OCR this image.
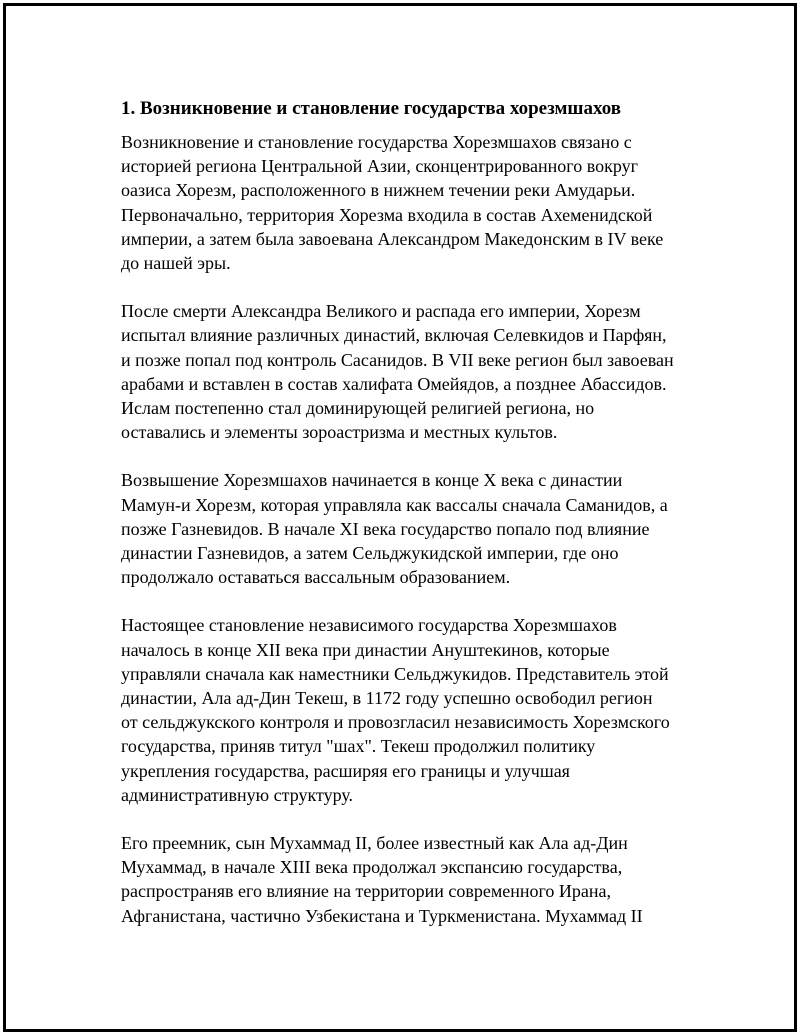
1. Возникновение и становление государства хорезмшахов

Возникновение и становление государства Хорезмшахов связано с
историей региона Центральной Азии, сконцентрированного вокруг
оазиса Хорезм, расположенного в нижнем течении реки Амударьи.
Первоначально, территория Хорезма входила в состав Ахеменидской
империи, а затем была завоевана Александром Македонским в IV веке
до нашей эры.

После смерти Александра Великого и распада его империи, Хорезм
испытал влияние различных династий, включая Селевкидов и Парфян,
и позже попал под контроль Сасанидов. В VII веке регион был завоеван
арабами и вставлен в состав халифата Омейядов, а позднее Абассидов.
Ислам постепенно стал доминирующей религией региона, но
оставались и элементы зороастризма и местных культов.

Возвышение Хорезмшахов начинается в конце X века с династии
Мамун-и Хорезм, которая управляла как вассалы сначала Саманидов, а
позже Газневидов. В начале XI века государство попало под влияние
династии Газневидов, а затем Сельджукидской империи, где оно
продолжало оставаться вассальным образованием.

Настоящее становление независимого государства Хорезмшахов
началось в конце XII века при династии Ануштекинов, которые
управляли сначала как наместники Сельджукидов. Представитель этой
династии, Ала ад-Дин Текеш, в 1172 году успешно освободил регион
от сельджукского контроля и провозгласил независимость Хорезмского
государства, приняв титул "шах". Текеш продолжил политику
укрепления государства, расширяя его границы и улучшая
административную структуру.

Его преемник, сын Мухаммад II, более известный как Ала ад-Дин
Мухаммад, в начале XIII века продолжал экспансию государства,
распространяв его влияние на территории современного Ирана,
Афганистана, частично Узбекистана и Туркменистана. Мухаммад II
